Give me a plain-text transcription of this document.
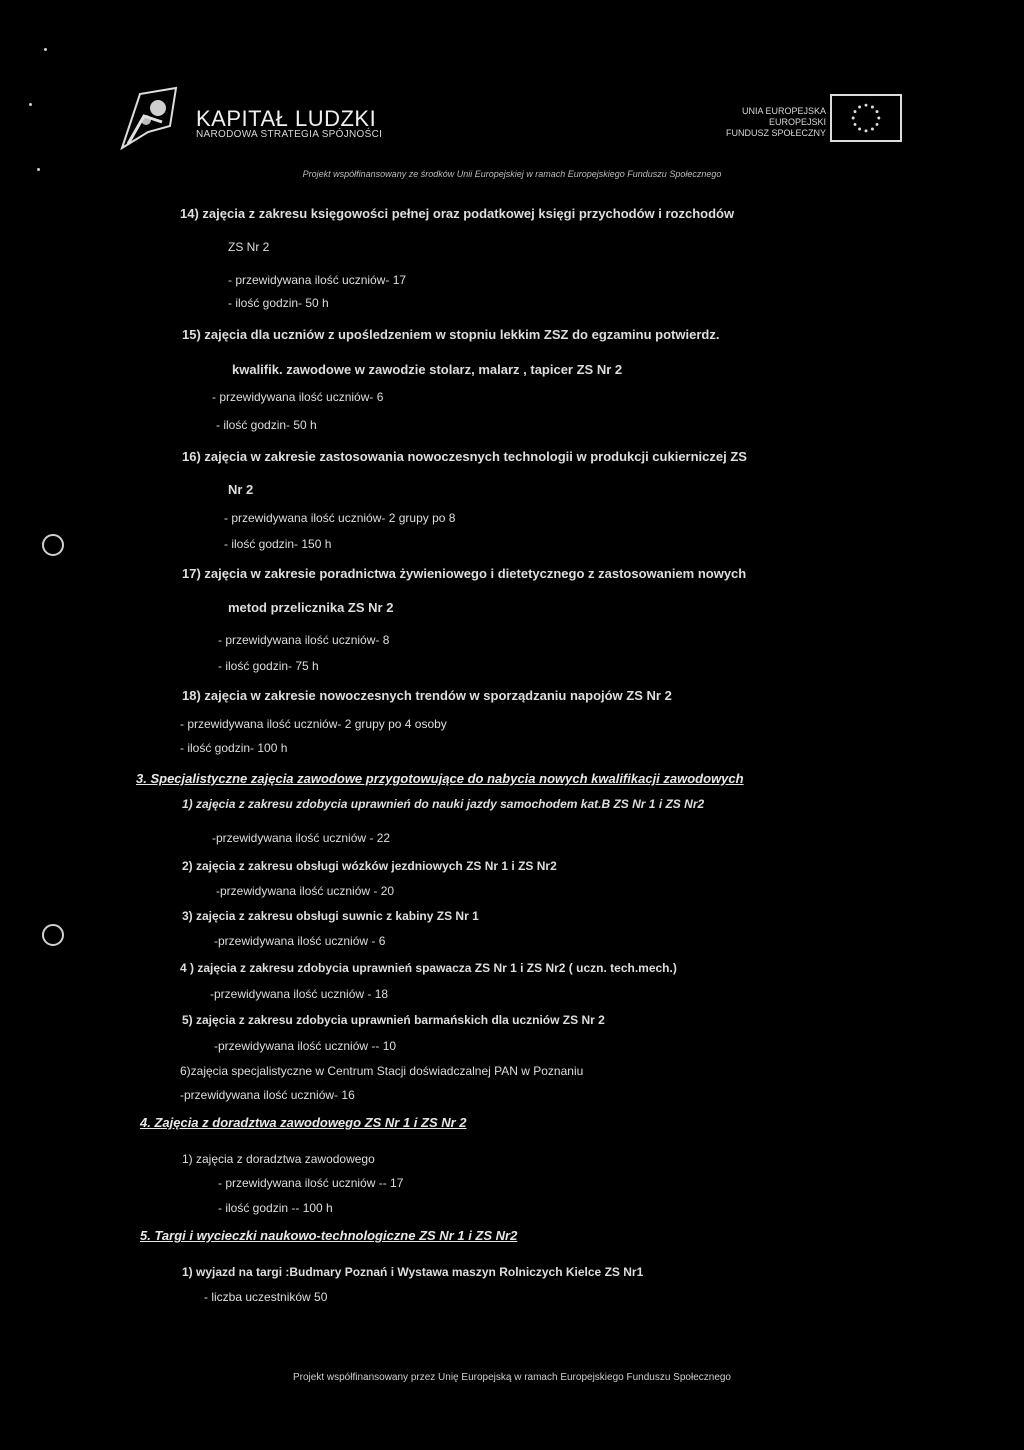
KAPITAŁ LUDZKI
NARODOWA STRATEGIA SPÓJNOŚCI
UNIA EUROPEJSKA
EUROPEJSKI
FUNDUSZ SPOŁECZNY
Projekt współfinansowany ze środków Unii Europejskiej w ramach Europejskiego Funduszu Społecznego
14) zajęcia z zakresu księgowości pełnej oraz podatkowej księgi przychodów i rozchodów
ZS Nr 2
- przewidywana ilość uczniów- 17
- ilość godzin- 50 h
15) zajęcia dla uczniów z upośledzeniem w stopniu lekkim ZSZ do egzaminu potwierdz.
kwalifik. zawodowe w zawodzie stolarz, malarz , tapicer ZS Nr 2
- przewidywana ilość uczniów- 6
- ilość godzin- 50 h
16) zajęcia w zakresie zastosowania nowoczesnych technologii w produkcji cukierniczej ZS
Nr 2
- przewidywana ilość uczniów- 2 grupy po 8
- ilość godzin- 150 h
17) zajęcia w zakresie poradnictwa żywieniowego i dietetycznego z zastosowaniem nowych
metod przelicznika ZS Nr 2
- przewidywana ilość uczniów- 8
- ilość godzin- 75 h
18) zajęcia w zakresie nowoczesnych trendów w sporządzaniu napojów ZS Nr 2
- przewidywana ilość uczniów- 2 grupy po 4 osoby
- ilość godzin- 100 h
3. Specjalistyczne zajęcia zawodowe przygotowujące do nabycia nowych kwalifikacji zawodowych
1) zajęcia z zakresu zdobycia uprawnień do nauki jazdy samochodem kat.B ZS Nr 1 i ZS Nr2
-przewidywana ilość uczniów - 22
2) zajęcia z zakresu obsługi wózków jezdniowych ZS Nr 1 i ZS Nr2
-przewidywana ilość uczniów - 20
3) zajęcia z zakresu obsługi suwnic z kabiny ZS Nr 1
-przewidywana ilość uczniów - 6
4 ) zajęcia z zakresu zdobycia uprawnień spawacza ZS Nr 1 i ZS Nr2 ( uczn. tech.mech.)
-przewidywana ilość uczniów - 18
5) zajęcia z zakresu zdobycia uprawnień barmańskich dla uczniów ZS Nr 2
-przewidywana ilość uczniów -- 10
6)zajęcia specjalistyczne w Centrum Stacji doświadczalnej PAN w Poznaniu
-przewidywana ilość uczniów- 16
4. Zajęcia z doradztwa zawodowego ZS Nr 1 i ZS Nr 2
1) zajęcia z doradztwa zawodowego
- przewidywana ilość uczniów -- 17
- ilość godzin -- 100 h
5. Targi i wycieczki naukowo-technologiczne ZS Nr 1 i ZS Nr2
1) wyjazd na targi :Budmary Poznań i Wystawa maszyn Rolniczych Kielce ZS Nr1
- liczba uczestników 50
Projekt współfinansowany przez Unię Europejską w ramach Europejskiego Funduszu Społecznego
